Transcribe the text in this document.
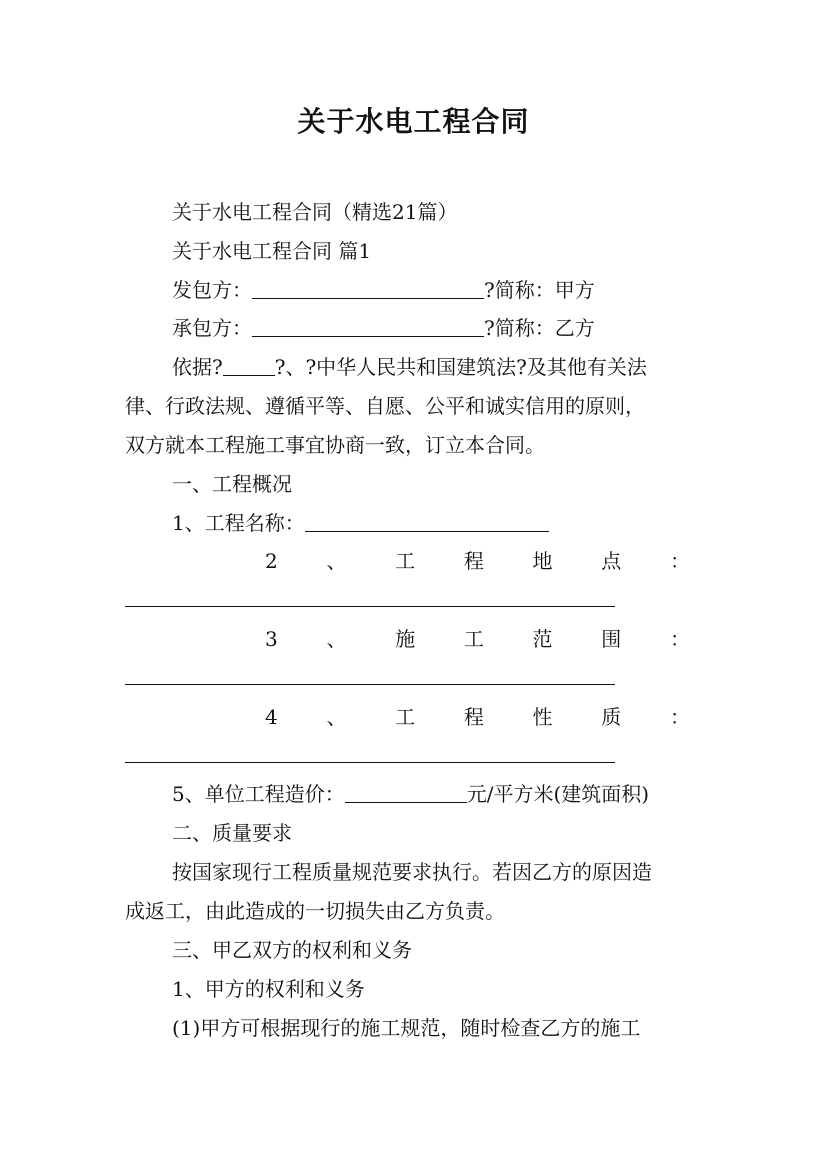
关于水电工程合同
关于水电工程合同（精选21篇）
关于水电工程合同 篇1
发包方：	?简称：甲方
承包方：	?简称：乙方
依据?	?、?中华人民共和国建筑法?及其他有关法
律、行政法规、遵循平等、自愿、公平和诚实信用的原则，
双方就本工程施工事宜协商一致，订立本合同。
一、工程概况
1、工程名称：
2 、 工 程 地 点 ：
3 、 施 工 范 围 ：
4 、 工 程 性 质 ：
5、单位工程造价：	元/平方米(建筑面积)
二、质量要求
按国家现行工程质量规范要求执行。若因乙方的原因造
成返工，由此造成的一切损失由乙方负责。
三、甲乙双方的权利和义务
1、甲方的权利和义务
(1)甲方可根据现行的施工规范，随时检查乙方的施工
